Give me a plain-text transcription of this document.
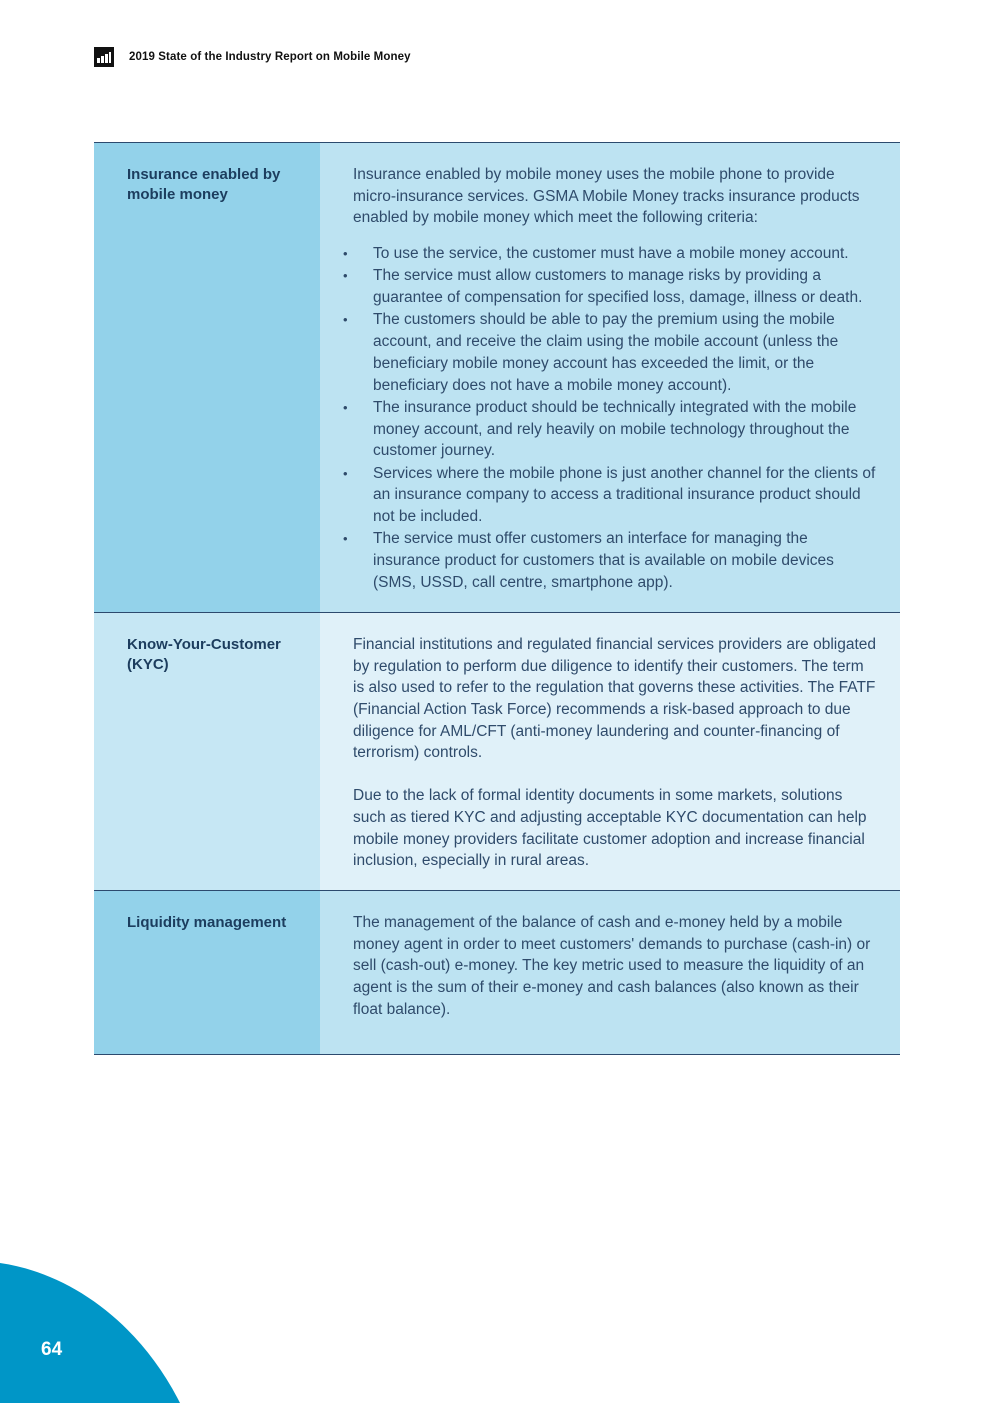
2019 State of the Industry Report on Mobile Money
Insurance enabled by mobile money

Insurance enabled by mobile money uses the mobile phone to provide micro-insurance services. GSMA Mobile Money tracks insurance products enabled by mobile money which meet the following criteria:

• To use the service, the customer must have a mobile money account.
• The service must allow customers to manage risks by providing a guarantee of compensation for specified loss, damage, illness or death.
• The customers should be able to pay the premium using the mobile account, and receive the claim using the mobile account (unless the beneficiary mobile money account has exceeded the limit, or the beneficiary does not have a mobile money account).
• The insurance product should be technically integrated with the mobile money account, and rely heavily on mobile technology throughout the customer journey.
• Services where the mobile phone is just another channel for the clients of an insurance company to access a traditional insurance product should not be included.
• The service must offer customers an interface for managing the insurance product for customers that is available on mobile devices (SMS, USSD, call centre, smartphone app).
Know-Your-Customer (KYC)

Financial institutions and regulated financial services providers are obligated by regulation to perform due diligence to identify their customers. The term is also used to refer to the regulation that governs these activities. The FATF (Financial Action Task Force) recommends a risk-based approach to due diligence for AML/CFT (anti-money laundering and counter-financing of terrorism) controls.

Due to the lack of formal identity documents in some markets, solutions such as tiered KYC and adjusting acceptable KYC documentation can help mobile money providers facilitate customer adoption and increase financial inclusion, especially in rural areas.

Liquidity management	The management of the balance of cash and e-money held by a mobile money agent in order to meet customers' demands to purchase (cash-in) or sell (cash-out) e-money. The key metric used to measure the liquidity of an agent is the sum of their e-money and cash balances (also known as their float balance).

64
